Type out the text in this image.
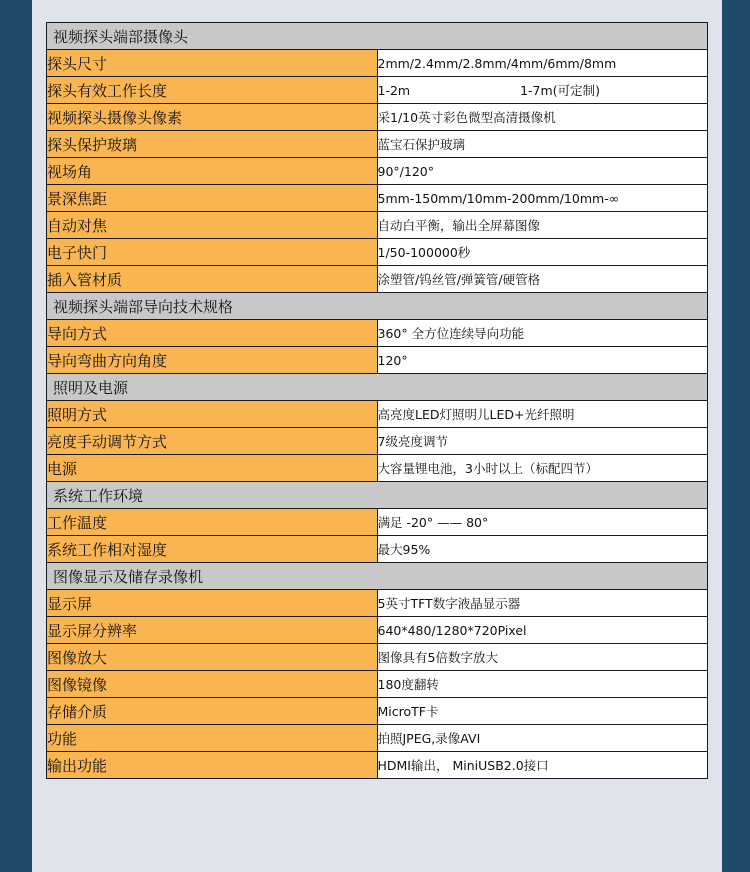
视频探头端部摄像头	
探头尺寸	2mm/2.4mm/2.8mm/4mm/6mm/8mm
探头有效工作长度	1-2m 1-7m(可定制)
视频探头摄像头像素	采1/10英寸彩色微型高清摄像机
探头保护玻璃	蓝宝石保护玻璃
视场角	90°/120°
景深焦距	5mm-150mm/10mm-200mm/10mm-∞
自动对焦	自动白平衡，输出全屏幕图像
电子快门	1/50-100000秒
插入管材质	涂塑管/钨丝管/弹簧管/硬管格
视频探头端部导向技术规格	
导向方式	360° 全方位连续导向功能
导向弯曲方向角度	120°
照明及电源	
照明方式	高亮度LED灯照明儿LED+光纤照明
亮度手动调节方式	7级亮度调节
电源	大容量锂电池，3小时以上（标配四节）
系统工作环境	
工作温度	满足 -20° —— 80°
系统工作相对湿度	最大95%
图像显示及储存录像机	
显示屏	5英寸TFT数字液晶显示器
显示屏分辨率	640*480/1280*720Pixel
图像放大	图像具有5倍数字放大
图像镜像	180度翻转
存储介质	MicroTF卡
功能	拍照JPEG,录像AVI
输出功能	HDMI输出， MiniUSB2.0接口
